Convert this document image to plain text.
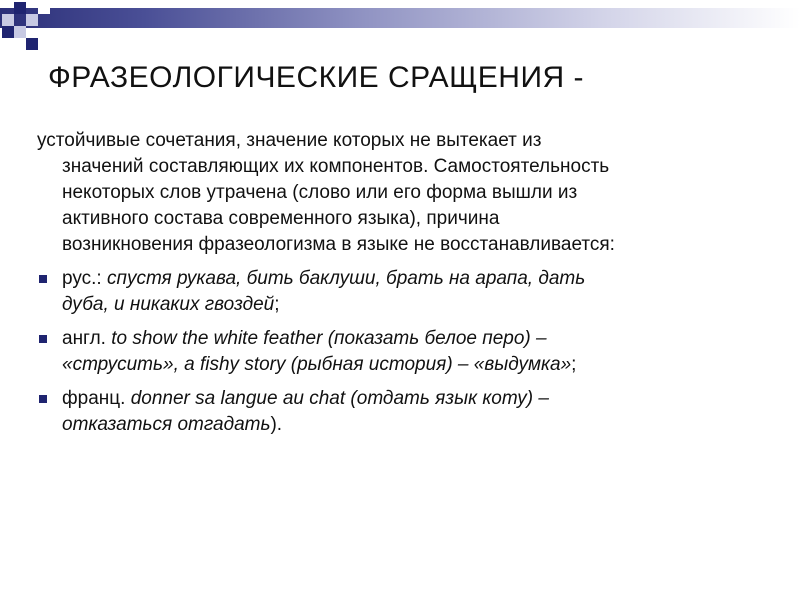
ФРАЗЕОЛОГИЧЕСКИЕ СРАЩЕНИЯ -
устойчивые сочетания, значение которых не вытекает из
значений составляющих их компонентов. Самостоятельность
некоторых слов утрачена (слово или его форма вышли из
активного состава современного языка), причина
возникновения фразеологизма в языке не восстанавливается:
рус.: спустя рукава, бить баклуши, брать на арапа, дать
дуба, и никаких гвоздей;
англ. to show the white feather (показать белое перо) –
«струсить», a fishy story (рыбная история) – «выдумка»;
франц. donner sa langue au chat (отдать язык коту) –
отказаться отгадать).
